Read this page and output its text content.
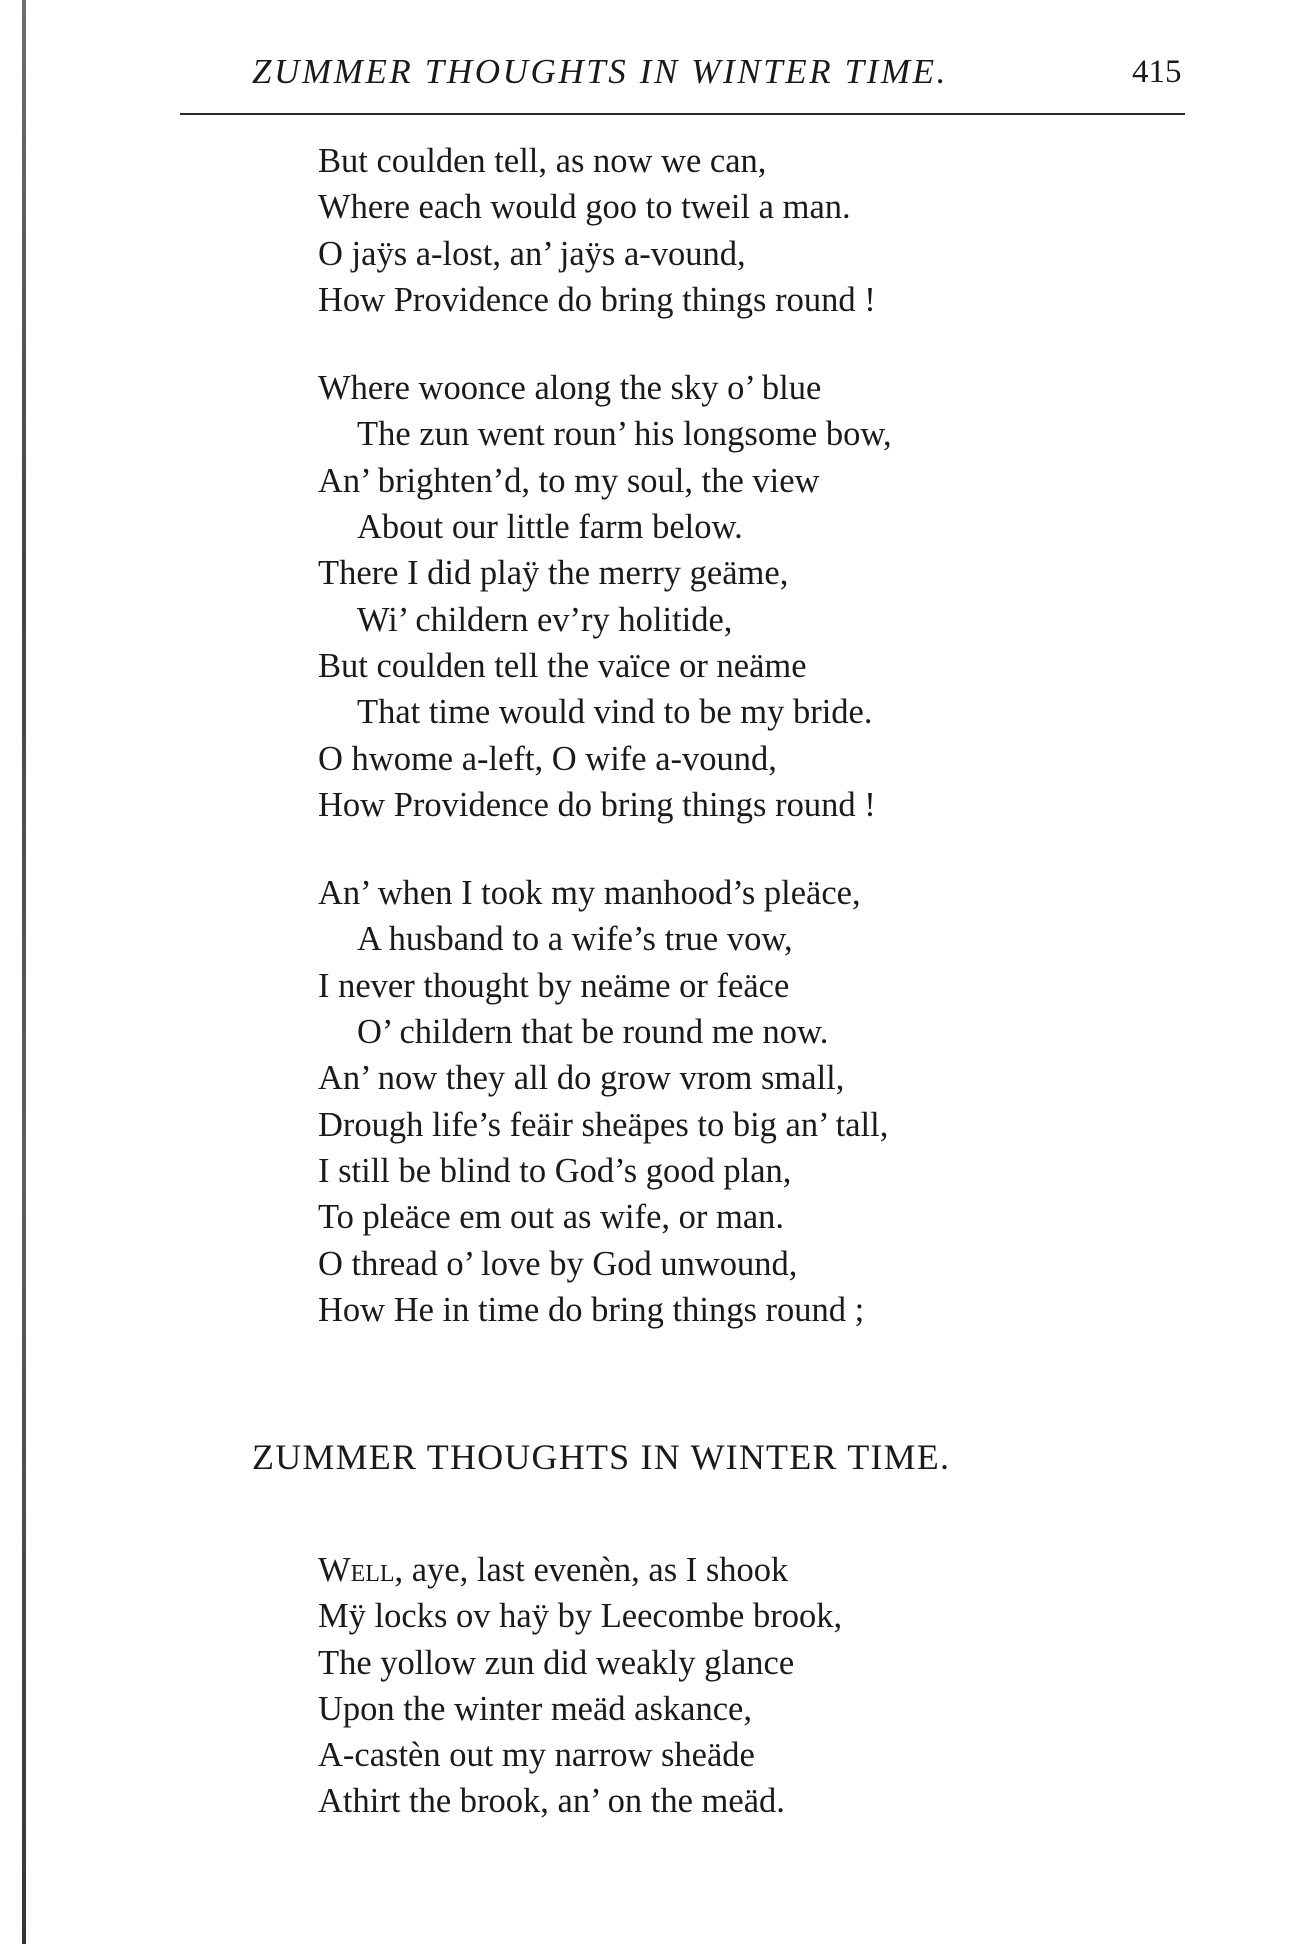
ZUMMER THOUGHTS IN WINTER TIME.	415
But coulden tell, as now we can,
Where each would goo to tweil a man.
O jaÿs a-lost, an’ jaÿs a-vound,
How Providence do bring things round !
Where woonce along the sky o’ blue
The zun went roun’ his longsome bow,
An’ brighten’d, to my soul, the view
About our little farm below.
There I did plaÿ the merry geäme,
Wi’ childern ev’ry holitide,
But coulden tell the vaïce or neäme
That time would vind to be my bride.
O hwome a-left, O wife a-vound,
How Providence do bring things round !
An’ when I took my manhood’s pleäce,
A husband to a wife’s true vow,
I never thought by neäme or feäce
O’ childern that be round me now.
An’ now they all do grow vrom small,
Drough life’s feäir sheäpes to big an’ tall,
I still be blind to God’s good plan,
To pleäce em out as wife, or man.
O thread o’ love by God unwound,
How He in time do bring things round ;
ZUMMER THOUGHTS IN WINTER TIME.
Well, aye, last evenèn, as I shook
Mÿ locks ov haÿ by Leecombe brook,
The yollow zun did weakly glance
Upon the winter meäd askance,
A-castèn out my narrow sheäde
Athirt the brook, an’ on the meäd.
